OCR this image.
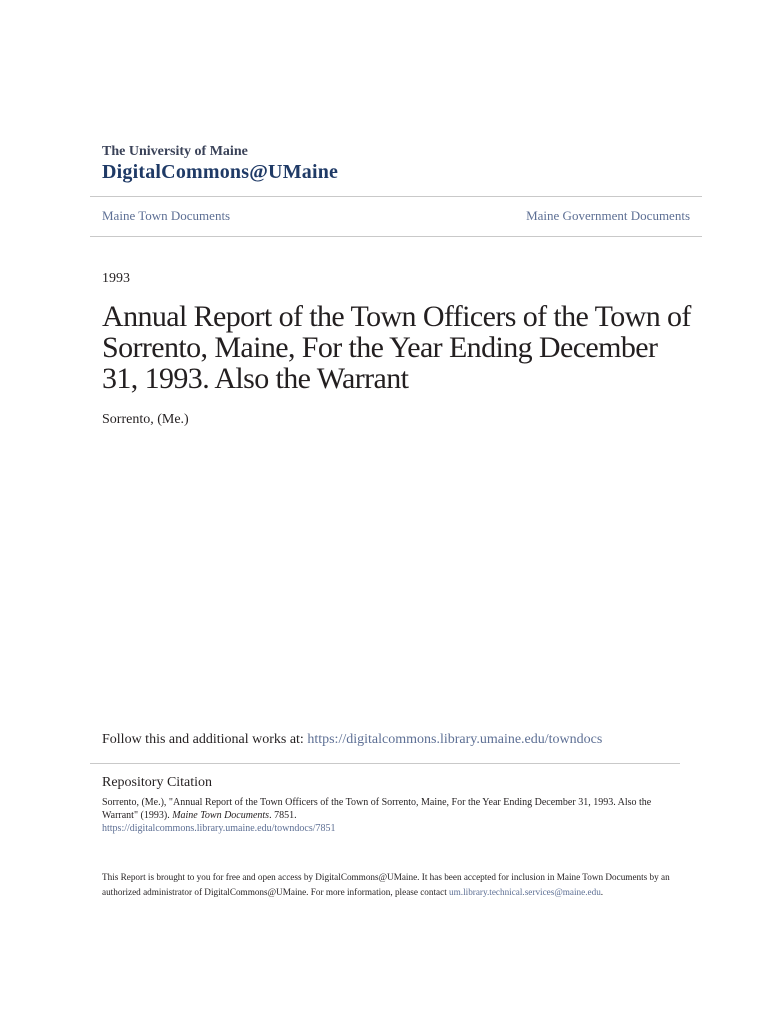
The University of Maine
DigitalCommons@UMaine
Maine Town Documents	Maine Government Documents
1993
Annual Report of the Town Officers of the Town of Sorrento, Maine, For the Year Ending December 31, 1993. Also the Warrant
Sorrento, (Me.)
Follow this and additional works at: https://digitalcommons.library.umaine.edu/towndocs
Repository Citation
Sorrento, (Me.), "Annual Report of the Town Officers of the Town of Sorrento, Maine, For the Year Ending December 31, 1993. Also the Warrant" (1993). Maine Town Documents. 7851.
https://digitalcommons.library.umaine.edu/towndocs/7851
This Report is brought to you for free and open access by DigitalCommons@UMaine. It has been accepted for inclusion in Maine Town Documents by an authorized administrator of DigitalCommons@UMaine. For more information, please contact um.library.technical.services@maine.edu.
